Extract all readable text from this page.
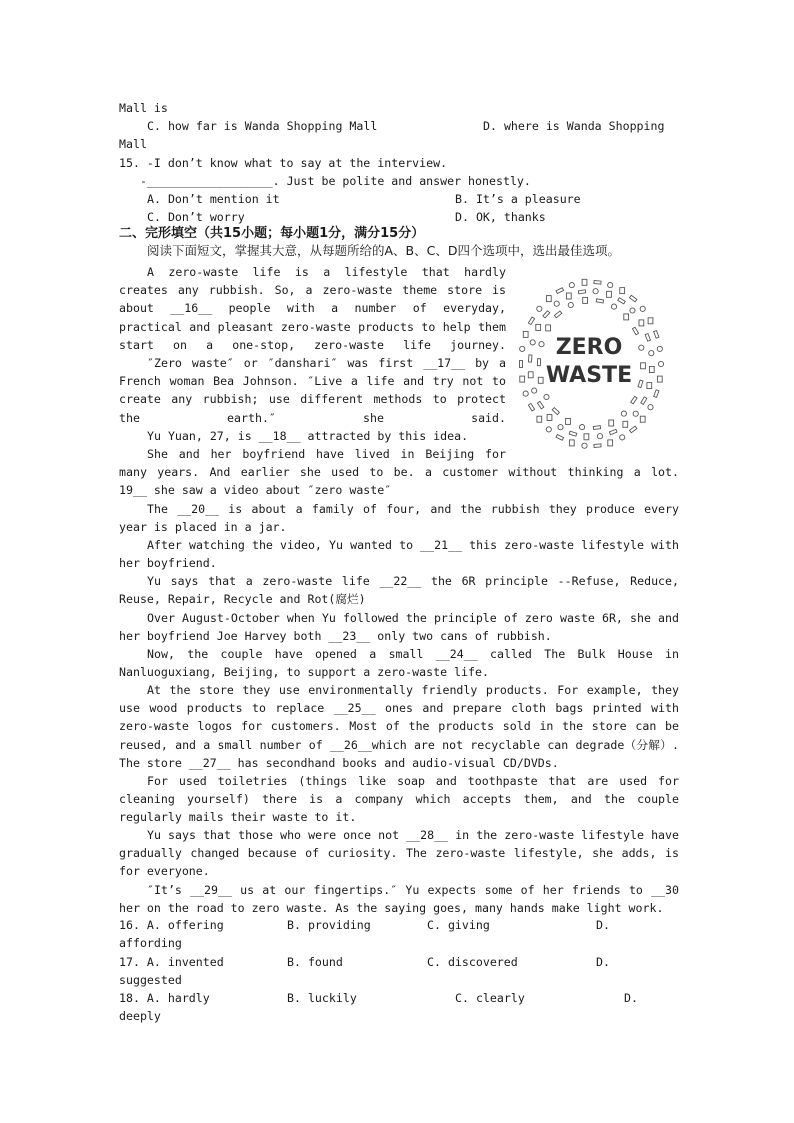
Mall is
C. how far is Wanda Shopping Mall	D. where is Wanda Shopping
Mall
15. -I don’t know what to say at the interview.
-__________________. Just be polite and answer honestly.
A. Don’t mention it	B. It’s a pleasure
C. Don’t worry	D. OK, thanks
二、完形填空（共15小题；每小题1分，满分15分）
阅读下面短文，掌握其大意，从每题所给的A、B、C、D四个选项中，选出最佳选项。
ZERO
WASTE
A zero-waste life is a lifestyle that hardly creates any rubbish. So, a zero-waste theme store is about __16__ people with a number of everyday, practical and pleasant zero-waste products to help them start on a one-stop, zero-waste life journey.
″Zero waste″ or ″danshari″ was first __17__ by a French woman Bea Johnson. ″Live a life and try not to create any rubbish; use different methods to protect the earth.″ she said.
Yu Yuan, 27, is __18__ attracted by this idea.
She and her boyfriend have lived in Beijing for
many years. And earlier she used to be. a customer without thinking a lot.
19__ she saw a video about ″zero waste″
The __20__ is about a family of four, and the rubbish they produce every year is placed in a jar.
After watching the video, Yu wanted to __21__ this zero-waste lifestyle with her boyfriend.
Yu says that a zero-waste life __22__ the 6R principle --Refuse, Reduce, Reuse, Repair, Recycle and Rot(腐烂)
Over August-October when Yu followed the principle of zero waste 6R, she and her boyfriend Joe Harvey both __23__ only two cans of rubbish.
Now, the couple have opened a small __24__ called The Bulk House in Nanluoguxiang, Beijing, to support a zero-waste life.
At the store they use environmentally friendly products. For example, they use wood products to replace __25__ ones and prepare cloth bags printed with zero-waste logos for customers. Most of the products sold in the store can be reused, and a small number of __26__which are not recyclable can degrade（分解）. The store __27__ has secondhand books and audio-visual CD/DVDs.
For used toiletries (things like soap and toothpaste that are used for cleaning yourself) there is a company which accepts them, and the couple regularly mails their waste to it.
Yu says that those who were once not __28__ in the zero-waste lifestyle have gradually changed because of curiosity. The zero-waste lifestyle, she adds, is for everyone.
″It’s __29__ us at our fingertips.″ Yu expects some of her friends to __30 her on the road to zero waste. As the saying goes, many hands make light work.
16. A. offering	B. providing	C. giving	D.
affording
17. A. invented	B. found	C. discovered	D.
suggested
18. A. hardly	B. luckily	C. clearly	D.
deeply
